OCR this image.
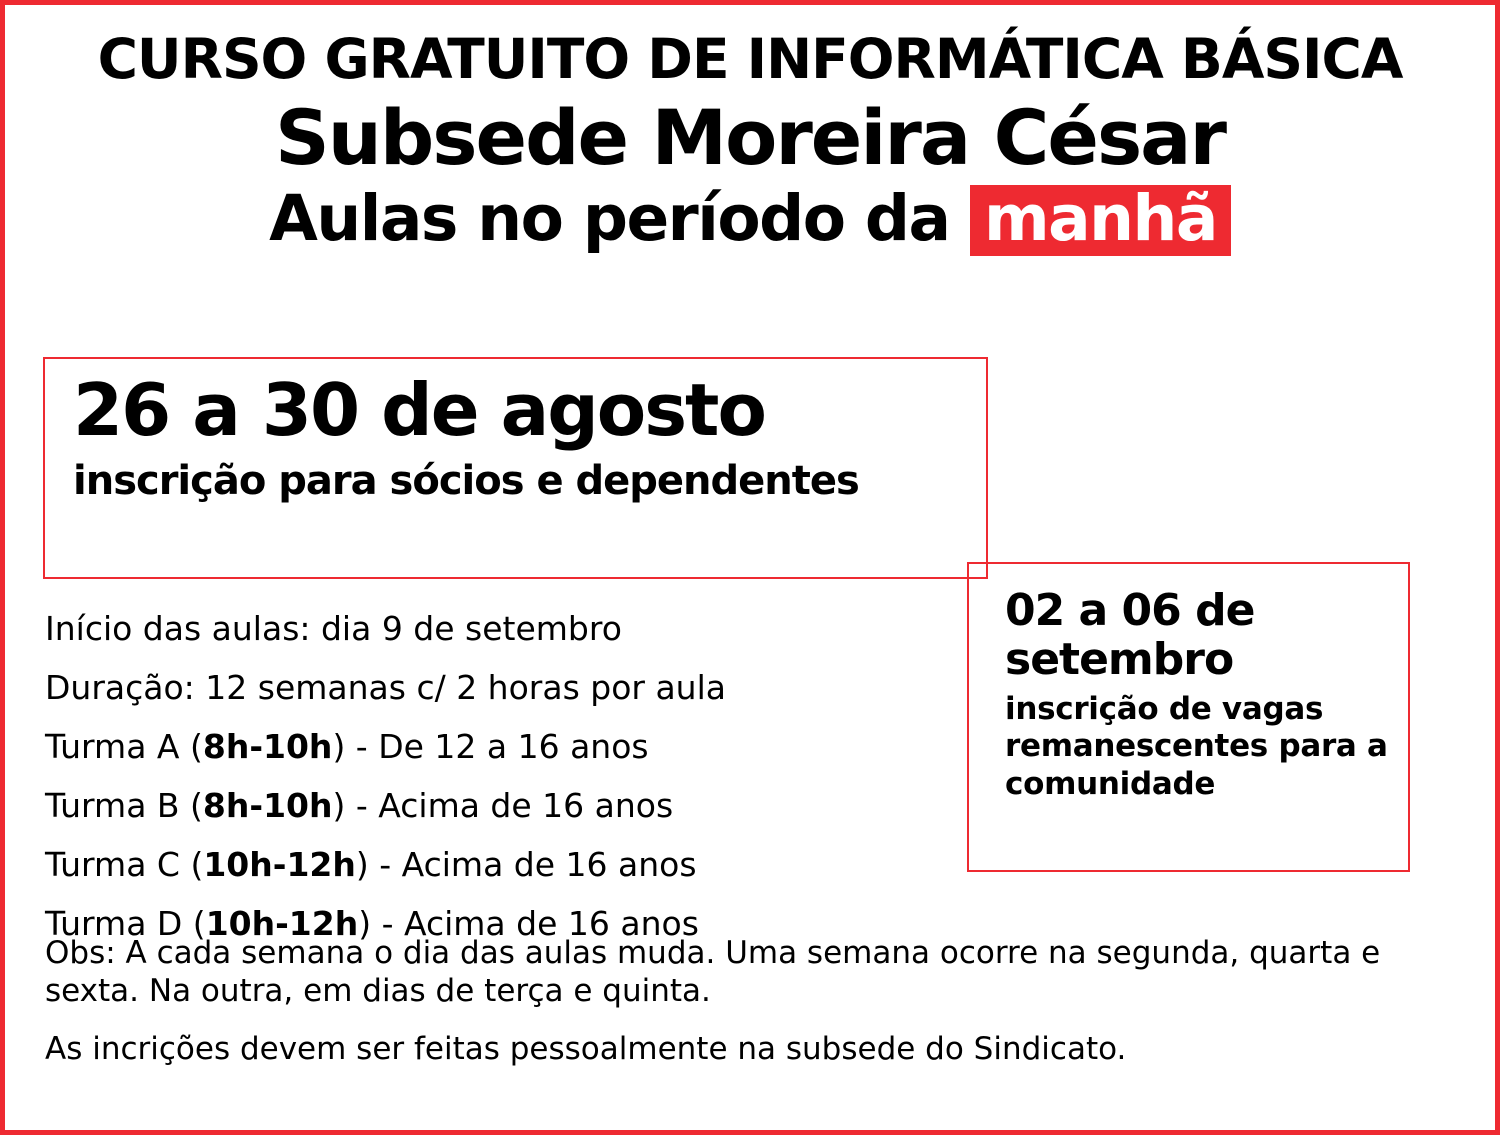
CURSO GRATUITO DE INFORMÁTICA BÁSICA
Subsede Moreira César
Aulas no período da manhã
26 a 30 de agosto
inscrição para sócios e dependentes
02 a 06 de setembro
inscrição de vagas remanescentes para a comunidade
Início das aulas: dia 9 de setembro
Duração: 12 semanas c/ 2 horas por aula
Turma A (8h-10h) - De 12 a 16 anos
Turma B (8h-10h) - Acima de 16 anos
Turma C (10h-12h) - Acima de 16 anos
Turma D (10h-12h) - Acima de 16 anos
Obs: A cada semana o dia das aulas muda. Uma semana ocorre na segunda, quarta e sexta. Na outra, em dias de terça e quinta.
As incrições devem ser feitas pessoalmente na subsede do Sindicato.
